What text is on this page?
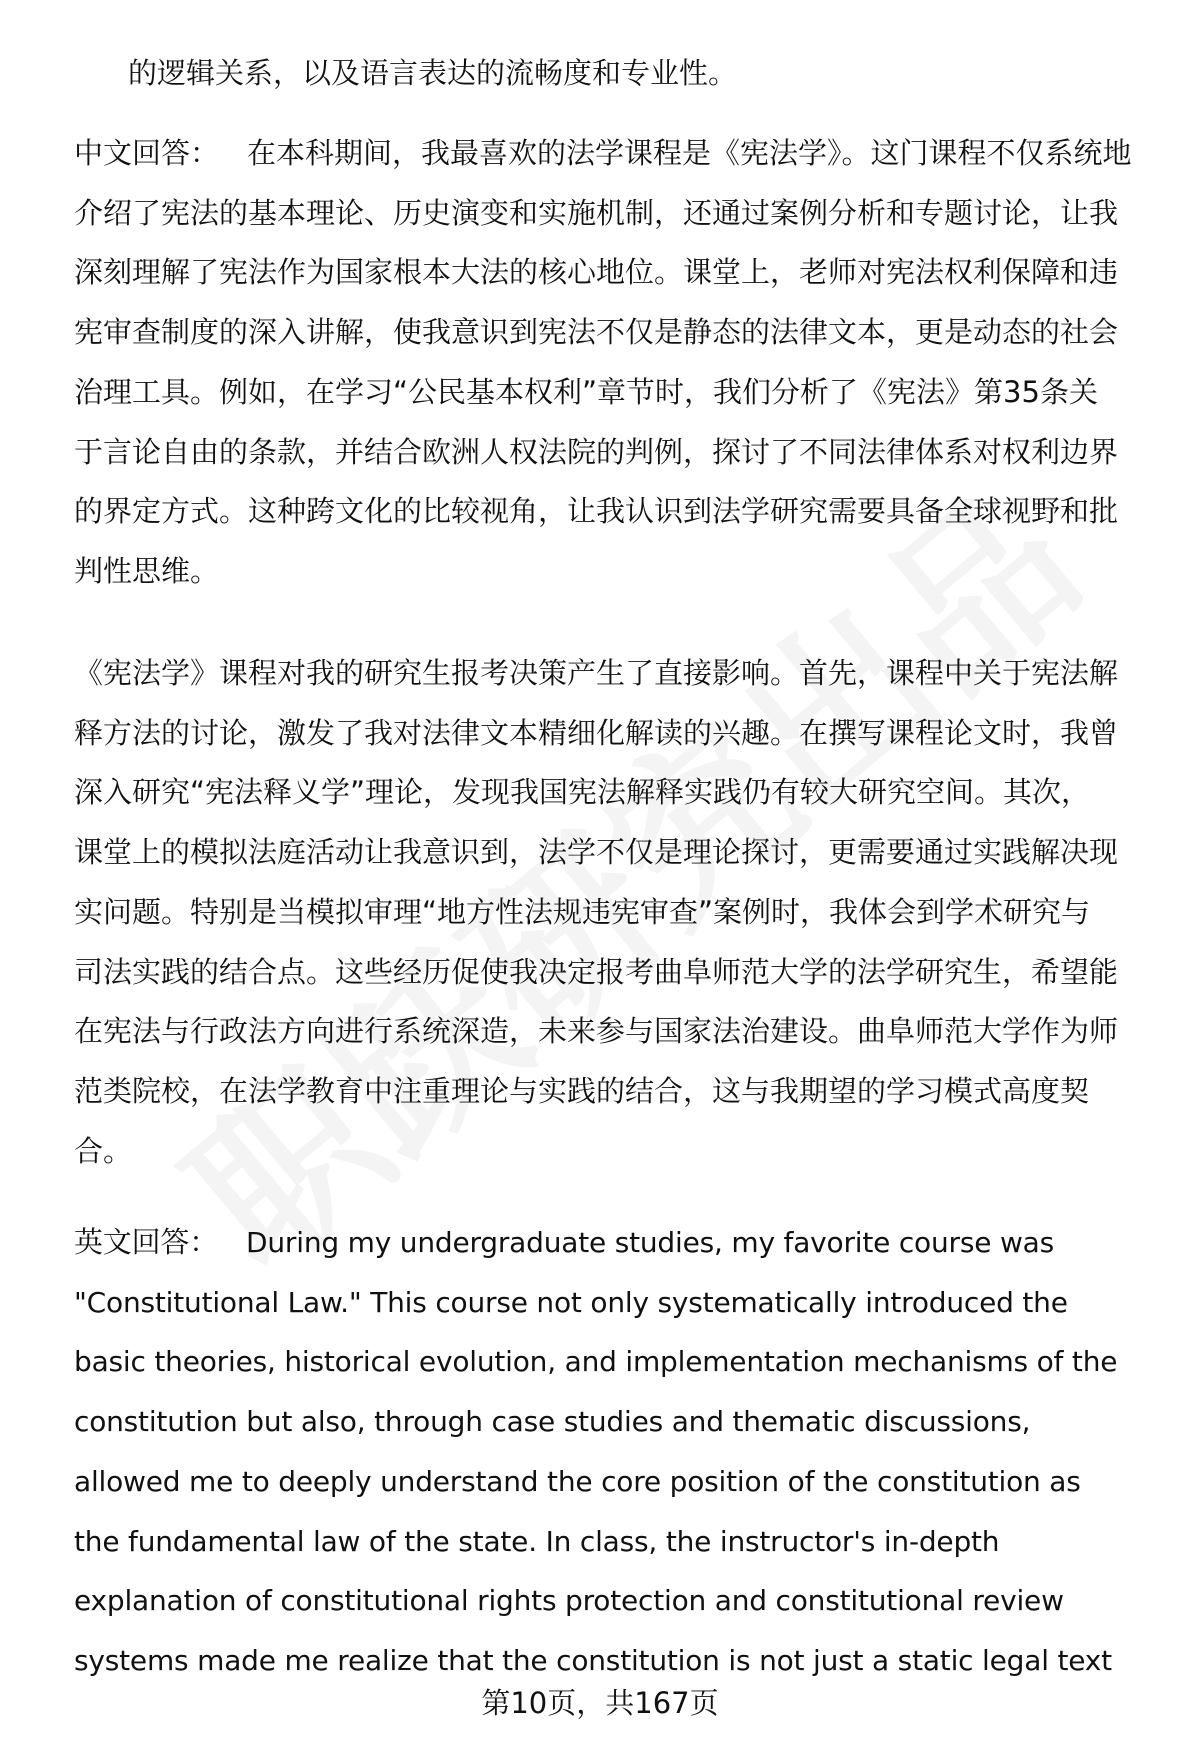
的逻辑关系，以及语言表达的流畅度和专业性。
中文回答： 在本科期间，我最喜欢的法学课程是《宪法学》。这门课程不仅系统地
介绍了宪法的基本理论、历史演变和实施机制，还通过案例分析和专题讨论，让我
深刻理解了宪法作为国家根本大法的核心地位。课堂上，老师对宪法权利保障和违
宪审查制度的深入讲解，使我意识到宪法不仅是静态的法律文本，更是动态的社会
治理工具。例如，在学习“公民基本权利”章节时，我们分析了《宪法》第35条关
于言论自由的条款，并结合欧洲人权法院的判例，探讨了不同法律体系对权利边界
的界定方式。这种跨文化的比较视角，让我认识到法学研究需要具备全球视野和批
判性思维。
《宪法学》课程对我的研究生报考决策产生了直接影响。首先，课程中关于宪法解
释方法的讨论，激发了我对法律文本精细化解读的兴趣。在撰写课程论文时，我曾
深入研究“宪法释义学”理论，发现我国宪法解释实践仍有较大研究空间。其次，
课堂上的模拟法庭活动让我意识到，法学不仅是理论探讨，更需要通过实践解决现
实问题。特别是当模拟审理“地方性法规违宪审查”案例时，我体会到学术研究与
司法实践的结合点。这些经历促使我决定报考曲阜师范大学的法学研究生，希望能
在宪法与行政法方向进行系统深造，未来参与国家法治建设。曲阜师范大学作为师
范类院校，在法学教育中注重理论与实践的结合，这与我期望的学习模式高度契
合。
英文回答： During my undergraduate studies, my favorite course was
"Constitutional Law." This course not only systematically introduced the
basic theories, historical evolution, and implementation mechanisms of the
constitution but also, through case studies and thematic discussions,
allowed me to deeply understand the core position of the constitution as
the fundamental law of the state. In class, the instructor's in-depth
explanation of constitutional rights protection and constitutional review
systems made me realize that the constitution is not just a static legal text
第10页，共167页
